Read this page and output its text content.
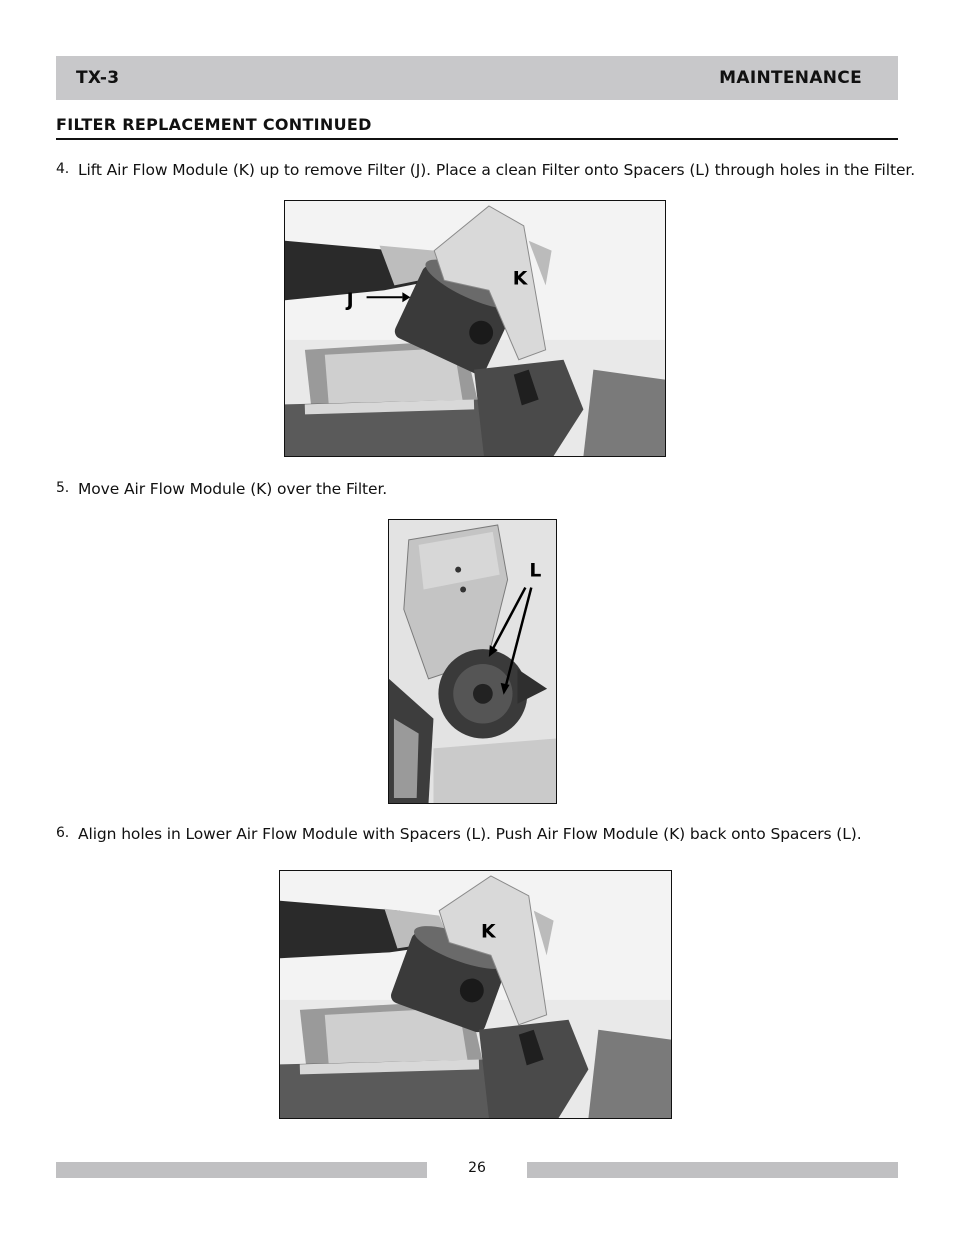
TX-3	MAINTENANCE
FILTER REPLACEMENT CONTINUED
4. Lift Air Flow Module (K) up to remove Filter (J). Place a clean Filter onto Spacers (L) through holes in the Filter.
J
K
5. Move Air Flow Module (K) over the Filter.
L
6. Align holes in Lower Air Flow Module with Spacers (L). Push Air Flow Module (K) back onto Spacers (L).
K
26
